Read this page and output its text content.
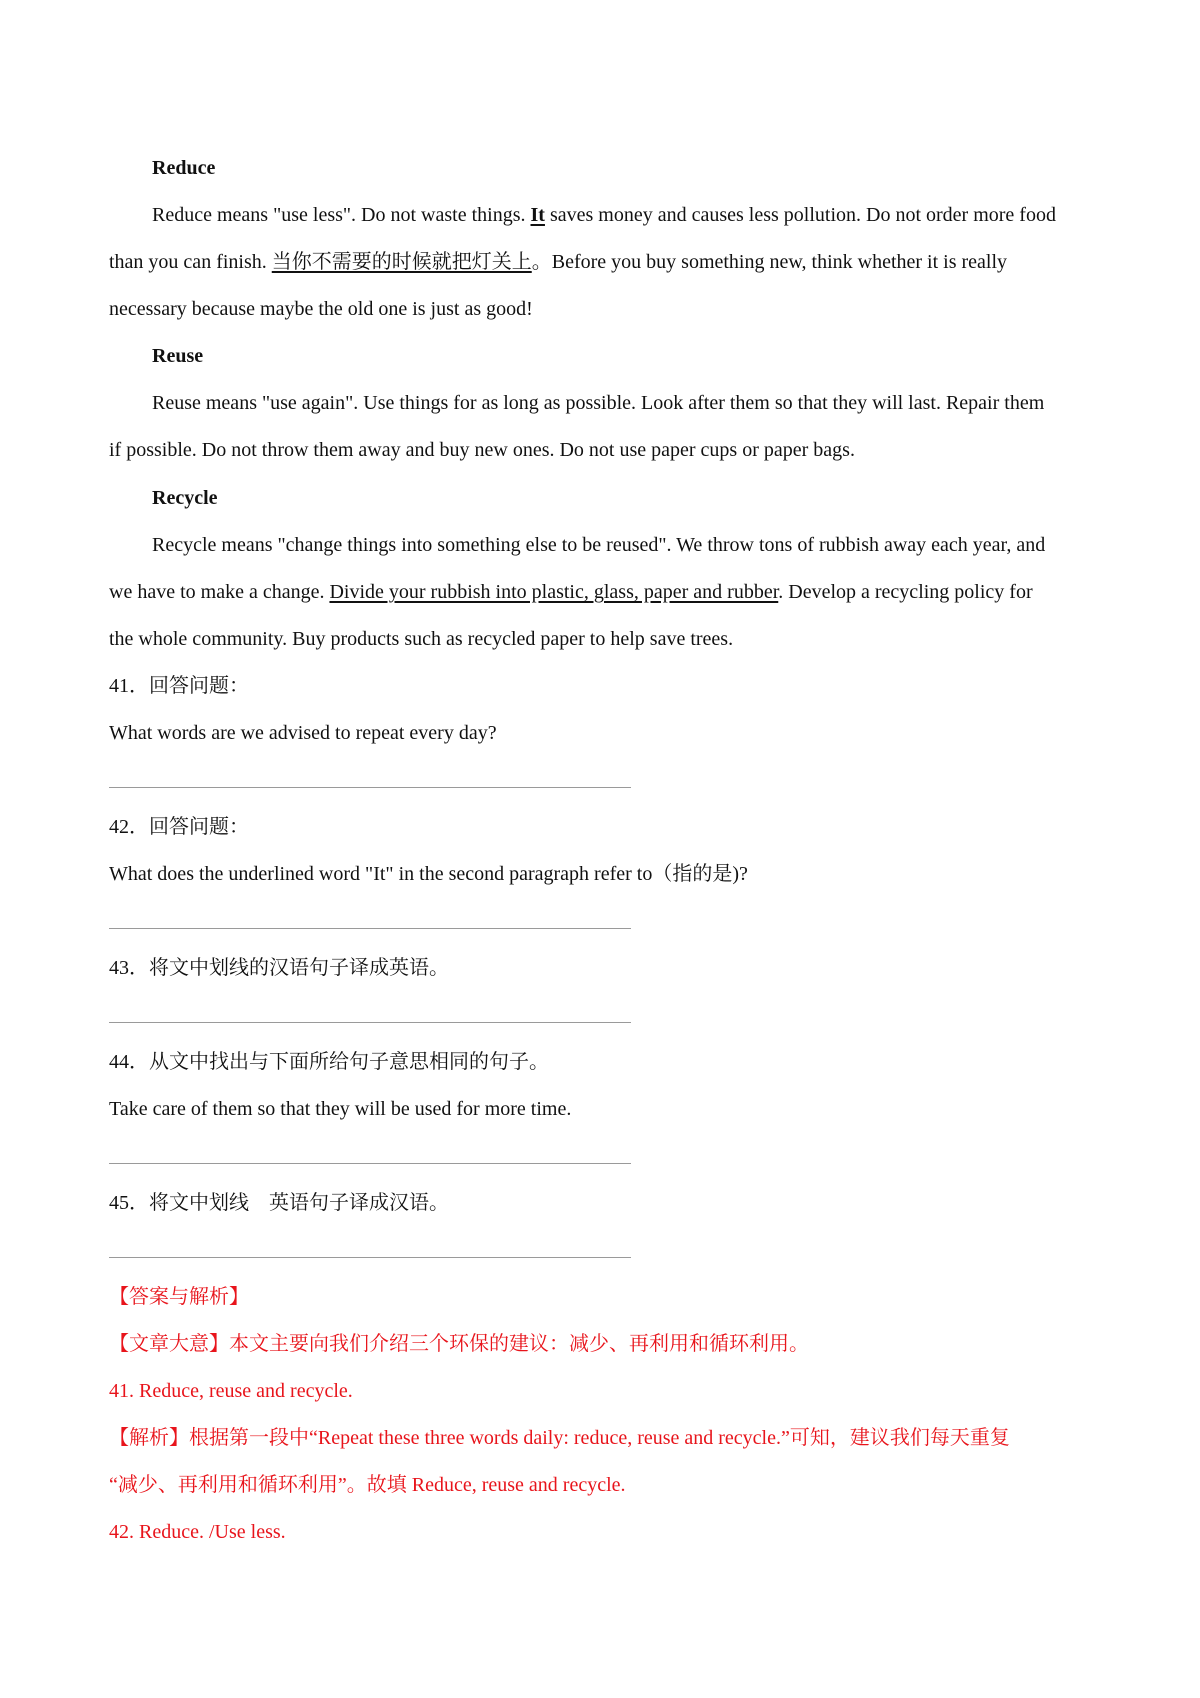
Reduce
Reduce means "use less". Do not waste things. It saves money and causes less pollution. Do not order more food
than you can finish. 当你不需要的时候就把灯关上。Before you buy something new, think whether it is really
necessary because maybe the old one is just as good!
Reuse
Reuse means "use again". Use things for as long as possible. Look after them so that they will last. Repair them
if possible. Do not throw them away and buy new ones. Do not use paper cups or paper bags.
Recycle
Recycle means "change things into something else to be reused". We throw tons of rubbish away each year, and
we have to make a change. Divide your rubbish into plastic, glass, paper and rubber. Develop a recycling policy for
the whole community. Buy products such as recycled paper to help save trees.
41．回答问题：
What words are we advised to repeat every day?
42．回答问题：
What does the underlined word "It" in the second paragraph refer to（指的是)?
43．将文中划线的汉语句子译成英语。
44．从文中找出与下面所给句子意思相同的句子。
Take care of them so that they will be used for more time.
45．将文中划线　英语句子译成汉语。
【答案与解析】
【文章大意】本文主要向我们介绍三个环保的建议：减少、再利用和循环利用。
41. Reduce, reuse and recycle.
【解析】根据第一段中“Repeat these three words daily: reduce, reuse and recycle.”可知，建议我们每天重复
“减少、再利用和循环利用”。故填 Reduce, reuse and recycle.
42. Reduce. /Use less.
